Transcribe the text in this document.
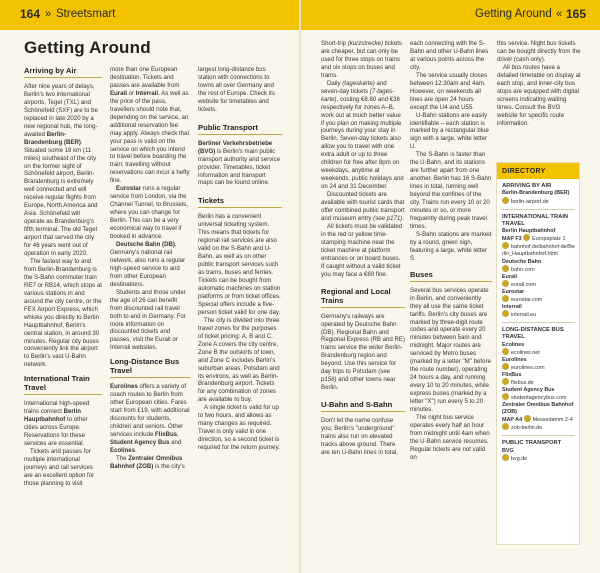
164 » Streetsmart	Getting Around « 165
Getting Around
Arriving by Air

After nine years of delays, Berlin's two international airports, Tegel (TXL) and Schönefeld (SXF) are to be replaced in late 2020 by a new regional hub, the long-awaited Berlin-Brandenburg (BER). Situated some 18 km (11 miles) southeast of the city on the former sight of Schönefeld airport, Berlin-Brandenburg is extremely well connected and will receive regular flights from Europe, North America and Asia. Schönefeld will operate as Brandenburg's fifth terminal. The old Tegel airport that served the city for 46 years went out of operation in early 2020.

The fastest way to and from Berlin-Brandenburg is the S-Bahn commuter train RE7 or RB14, which stops at various stations in and around the city centre, or the FEX Airport Express, which whisks you directly to Berlin Hauptbahnhof, Berlin's central station, in around 30 minutes. Regular city buses conveniently link the airport to Berlin's vast U-Bahn network.

International Train Travel

International high-speed trains connect Berlin Hauptbahnhof to other cities across Europe. Reservations for these services are essential.

Tickets and passes for multiple international journeys and rail services are an excellent option for those planning to visit

more than one European destination. Tickets and passes are available from Eurail or Interrail. As well as the price of the pass, travellers should note that, depending on the service, an additional reservation fee may apply. Always check that your pass is valid on the service on which you intend to travel before boarding the train; travelling without reservations can incur a hefty fine.

Eurostar runs a regular service from London, via the Channel Tunnel, to Brussels, where you can change for Berlin. This can be a very economical way to travel if booked in advance.

Deutsche Bahn (DB), Germany's national rail network, also runs a regular high-speed service to and from other European destinations.

Students and those under the age of 26 can benefit from discounted rail travel both to and in Germany. For more information on discounted tickets and passes, visit the Eurail or Interrail websites.

Long-Distance Bus Travel

Eurolines offers a variety of coach routes to Berlin from other European cities. Fares start from £19, with additional discounts for students, children and seniors. Other services include FlixBus, Student Agency Bus and Ecolines.

The Zentraler Omnibus Bahnhof (ZOB) is the city's

largest long-distance bus station with connections to towns all over Germany and the rest of Europe. Check its website for timetables and tickets.

Public Transport

Berliner Verkehrsbetriebe (BVG) is Berlin's main public transport authority and service provider. Timetables, ticket information and transport maps can be found online.

Tickets

Berlin has a convenient universal ticketing system. This means that tickets for regional rail services are also valid on the S-Bahn and U-Bahn, as well as on other public transport services such as trams, buses and ferries. Tickets can be bought from automatic machines on station platforms or from ticket offices. Special offers include a five-person ticket valid for one day.

The city is divided into three travel zones for the purposes of ticket pricing: A, B and C. Zone A covers the city centre, Zone B the outskirts of town, and Zone C includes Berlin's suburban areas, Potsdam and its environs, as well as Berlin-Brandenburg airport. Tickets for any combination of zones are available to buy.

A single ticket is valid for up to two hours, and allows as many changes as required. Travel is only valid in one direction, so a second ticket is required for the return journey.

Short-trip (kurzstrecke) tickets are cheaper, but can only be used for three stops on trains and six stops on buses and trams.

Daily (tageskarte) and seven-day tickets (7-tages-karte), costing €8.80 and €36 respectively for zones A–B, work out at much better value if you plan on making multiple journeys during your stay in Berlin. Seven-day tickets also allow you to travel with one extra adult or up to three children for free after 8pm on weekdays, anytime at weekends, public holidays and on 24 and 31 December.

Discounted tickets are available with tourist cards that offer combined public transport and museum entry (see p171).

All tickets must be validated in the red or yellow time-stamping machine near the ticket machine at platform entrances or on board buses. If caught without a valid ticket you may face a €60 fine.

Regional and Local Trains

Germany's railways are operated by Deutsche Bahn (DB). Regional Bahn and Regional Express (RB and RE) trains service the wider Berlin-Brandenburg region and beyond. Use this service for day trips to Potsdam (see p156) and other towns near Berlin.

U-Bahn and S-Bahn

Don't let the name confuse you; Berlin's "underground" trains also run on elevated tracks above ground. There are ten U-Bahn lines in total,

each connecting with the S-Bahn and other U-Bahn lines at various points across the city.

The service usually closes between 12:30am and 4am. However, on weekends all lines are open 24 hours except the U4 and U55.

U-Bahn stations are easily identifiable – each station is marked by a rectangular blue sign with a large, white letter U.

The S-Bahn is faster than the U-Bahn, and its stations are further apart from one another. Berlin has 16 S-Bahn lines in total, running well beyond the confines of the city. Trains run every 10 or 20 minutes or so, or more frequently during peak travel times.

S-Bahn stations are marked by a round, green sign, featuring a large, white letter S.

Buses

Several bus services operate in Berlin, and conveniently they all use the same ticket tariffs. Berlin's city buses are marked by three-digit route codes and operate every 20 minutes between 5am and midnight. Major routes are serviced by Metro buses (marked by a letter "M" before the route number), operating 24 hours a day, and running every 10 to 20 minutes, while express buses (marked by a letter "X") run every 5 to 20 minutes.

The night bus service operates every half an hour from midnight until 4am when the U-Bahn service resumes. Regular tickets are not valid on

this service. Night bus tickets can be bought directly from the driver (cash only).

All bus routes have a detailed timetable on display at each stop, and inner-city bus stops are equipped with digital screens indicating waiting times. Consult the BVG website for specific route information.

DIRECTORY
ARRIVING BY AIR
Berlin-Brandenburg (BER)
berlin-airport.de
INTERNATIONAL TRAIN TRAVEL
Berlin Hauptbahnhof
MAP F3 Europaplatz 1
bahnhof.de/bahnhof-de/Berlin_Hauptbahnhof.html
Deutsche Bahn
bahn.com
Eurail
eurail.com
Eurostar
eurostar.com
Interrail
interrail.eu
LONG-DISTANCE BUS TRAVEL
Ecolines
ecolines.net
Eurolines
eurolines.com
FlixBus
flixbus.de
Student Agency Bus
studentagencybus.com
Zentraler Omnibus Bahnhof (ZOB)
MAP A4 Messedamm 2-4
zob-berlin.de
PUBLIC TRANSPORT
BVG
bvg.de
